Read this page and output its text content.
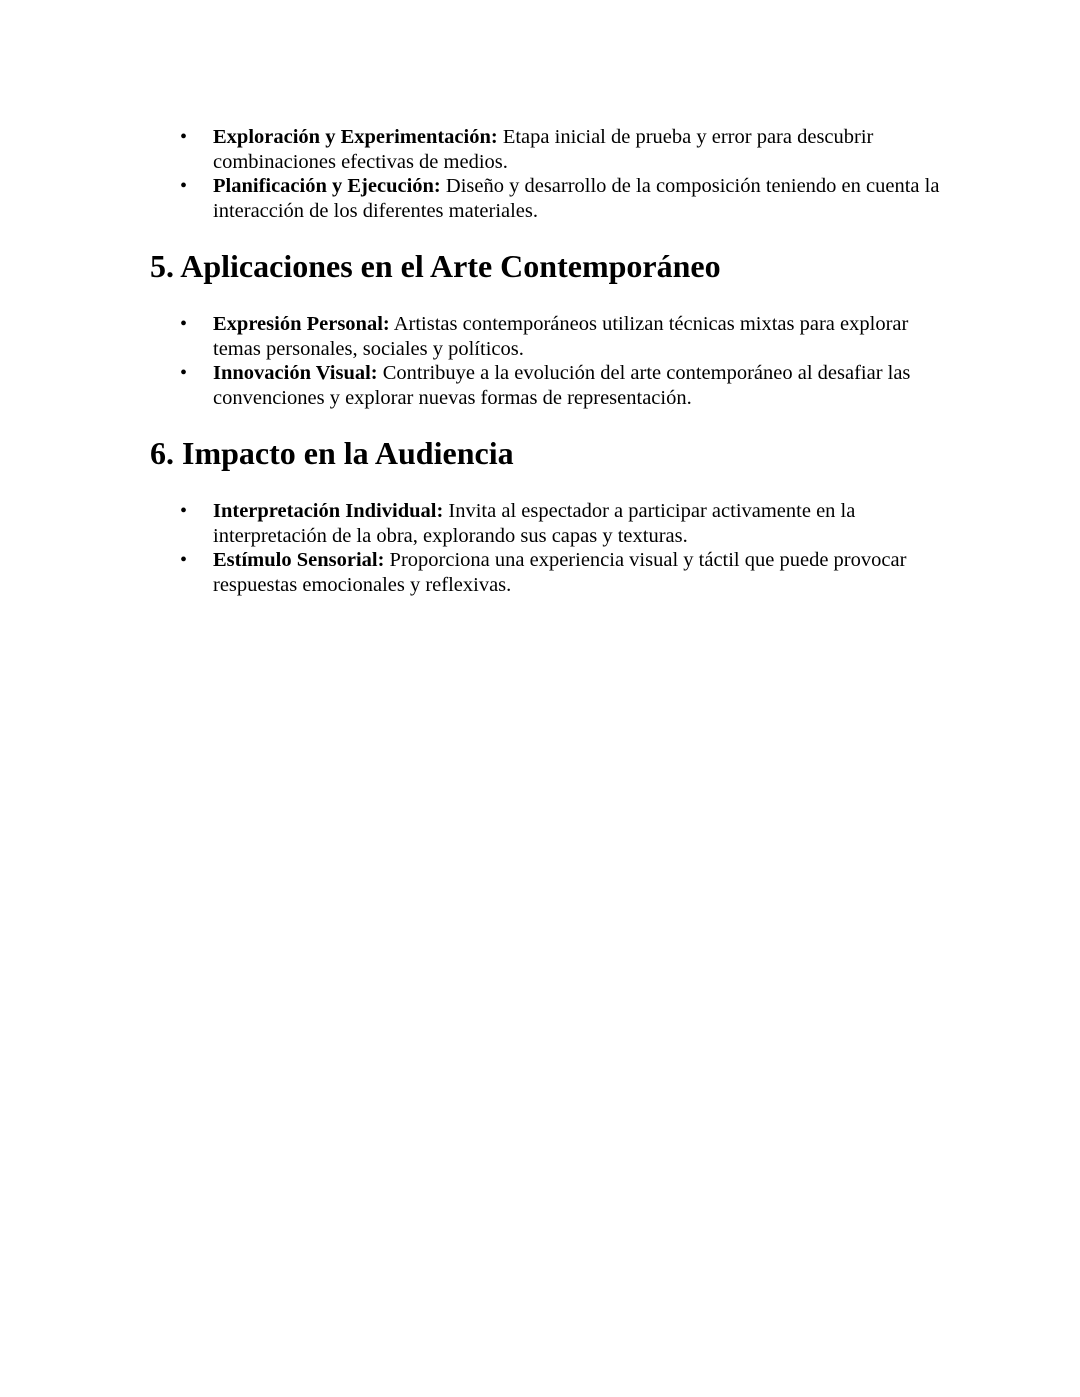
• Exploración y Experimentación: Etapa inicial de prueba y error para descubrir combinaciones efectivas de medios.
• Planificación y Ejecución: Diseño y desarrollo de la composición teniendo en cuenta la interacción de los diferentes materiales.
5. Aplicaciones en el Arte Contemporáneo
• Expresión Personal: Artistas contemporáneos utilizan técnicas mixtas para explorar temas personales, sociales y políticos.
• Innovación Visual: Contribuye a la evolución del arte contemporáneo al desafiar las convenciones y explorar nuevas formas de representación.
6. Impacto en la Audiencia
• Interpretación Individual: Invita al espectador a participar activamente en la interpretación de la obra, explorando sus capas y texturas.
• Estímulo Sensorial: Proporciona una experiencia visual y táctil que puede provocar respuestas emocionales y reflexivas.
